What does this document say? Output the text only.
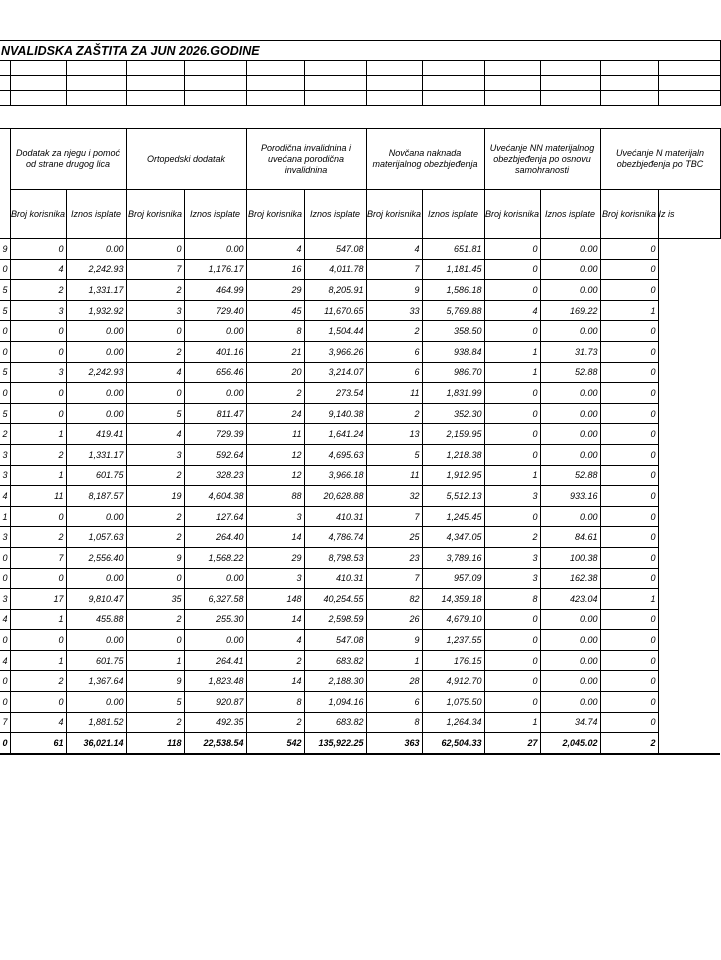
NVALIDSKA ZAŠTITA ZA JUN 2026.GODINE

	Dodatak za njegu i pomoć od strane drugog lica		Ortopedski dodatak		Porodična invalidnina i uvećana porodična invalidnina		Novčana naknada materijalnog obezbjeđenja		Uvećanje NN materijalnog obezbjeđenja po osnovu samohranosti		Uvećanje N materijaln obezbjeđenja po TBC	
	Broj korisnika	Iznos isplate	Broj korisnika	Iznos isplate	Broj korisnika	Iznos isplate	Broj korisnika	Iznos isplate	Broj korisnika	Iznos isplate	Broj korisnika	Iz is
9	0	0.00	0	0.00	4	547.08	4	651.81	0	0.00	0	
0	4	2,242.93	7	1,176.17	16	4,011.78	7	1,181.45	0	0.00	0	
5	2	1,331.17	2	464.99	29	8,205.91	9	1,586.18	0	0.00	0	
5	3	1,932.92	3	729.40	45	11,670.65	33	5,769.88	4	169.22	1	
0	0	0.00	0	0.00	8	1,504.44	2	358.50	0	0.00	0	
0	0	0.00	2	401.16	21	3,966.26	6	938.84	1	31.73	0	
5	3	2,242.93	4	656.46	20	3,214.07	6	986.70	1	52.88	0	
0	0	0.00	0	0.00	2	273.54	11	1,831.99	0	0.00	0	
5	0	0.00	5	811.47	24	9,140.38	2	352.30	0	0.00	0	
2	1	419.41	4	729.39	11	1,641.24	13	2,159.95	0	0.00	0	
3	2	1,331.17	3	592.64	12	4,695.63	5	1,218.38	0	0.00	0	
3	1	601.75	2	328.23	12	3,966.18	11	1,912.95	1	52.88	0	
4	11	8,187.57	19	4,604.38	88	20,628.88	32	5,512.13	3	933.16	0	
1	0	0.00	2	127.64	3	410.31	7	1,245.45	0	0.00	0	
3	2	1,057.63	2	264.40	14	4,786.74	25	4,347.05	2	84.61	0	
0	7	2,556.40	9	1,568.22	29	8,798.53	23	3,789.16	3	100.38	0	
0	0	0.00	0	0.00	3	410.31	7	957.09	3	162.38	0	
3	17	9,810.47	35	6,327.58	148	40,254.55	82	14,359.18	8	423.04	1	
4	1	455.88	2	255.30	14	2,598.59	26	4,679.10	0	0.00	0	
0	0	0.00	0	0.00	4	547.08	9	1,237.55	0	0.00	0	
4	1	601.75	1	264.41	2	683.82	1	176.15	0	0.00	0	
0	2	1,367.64	9	1,823.48	14	2,188.30	28	4,912.70	0	0.00	0	
0	0	0.00	5	920.87	8	1,094.16	6	1,075.50	0	0.00	0	
7	4	1,881.52	2	492.35	2	683.82	8	1,264.34	1	34.74	0	
0	61	36,021.14	118	22,538.54	542	135,922.25	363	62,504.33	27	2,045.02	2	
